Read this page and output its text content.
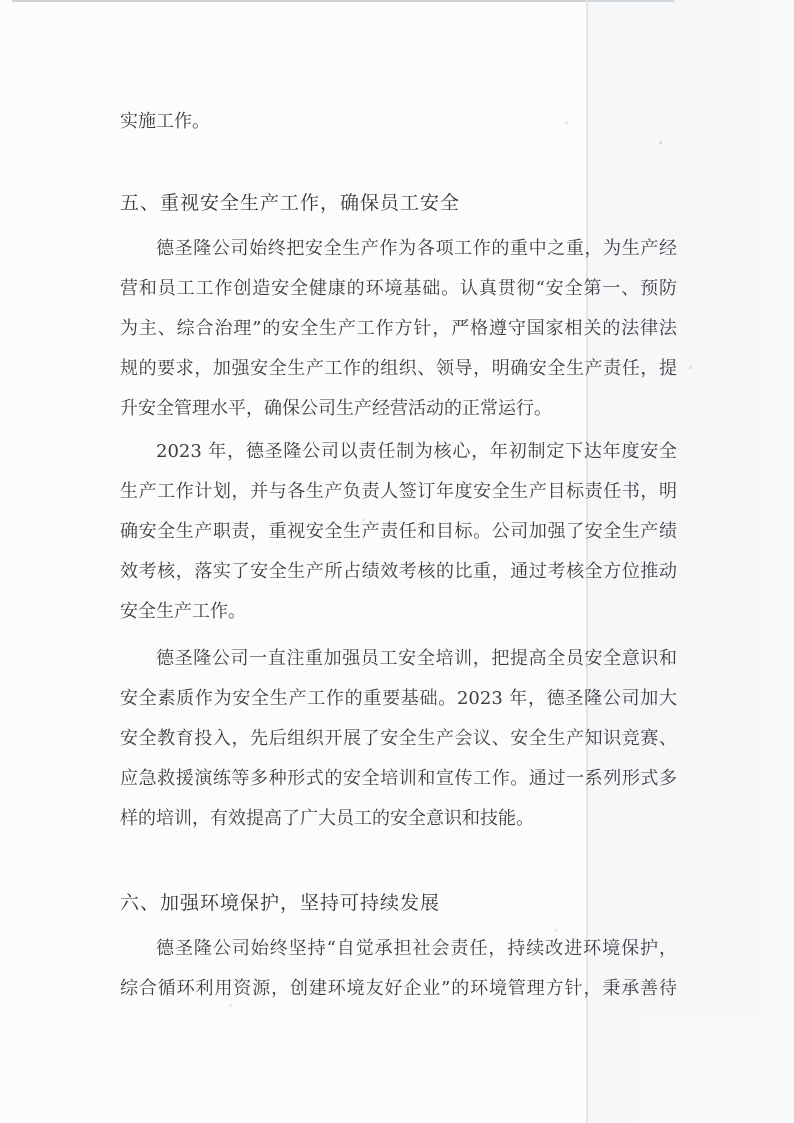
实施工作。
五、重视安全生产工作，确保员工安全
德圣隆公司始终把安全生产作为各项工作的重中之重，为生产经
营和员工工作创造安全健康的环境基础。认真贯彻“安全第一、预防
为主、综合治理”的安全生产工作方针，严格遵守国家相关的法律法
规的要求，加强安全生产工作的组织、领导，明确安全生产责任，提
升安全管理水平，确保公司生产经营活动的正常运行。
2023 年，德圣隆公司以责任制为核心，年初制定下达年度安全
生产工作计划，并与各生产负责人签订年度安全生产目标责任书，明
确安全生产职责，重视安全生产责任和目标。公司加强了安全生产绩
效考核，落实了安全生产所占绩效考核的比重，通过考核全方位推动
安全生产工作。
德圣隆公司一直注重加强员工安全培训，把提高全员安全意识和
安全素质作为安全生产工作的重要基础。2023 年，德圣隆公司加大
安全教育投入，先后组织开展了安全生产会议、安全生产知识竞赛、
应急救援演练等多种形式的安全培训和宣传工作。通过一系列形式多
样的培训，有效提高了广大员工的安全意识和技能。
六、加强环境保护，坚持可持续发展
德圣隆公司始终坚持“自觉承担社会责任，持续改进环境保护，
综合循环利用资源，创建环境友好企业”的环境管理方针，秉承善待
